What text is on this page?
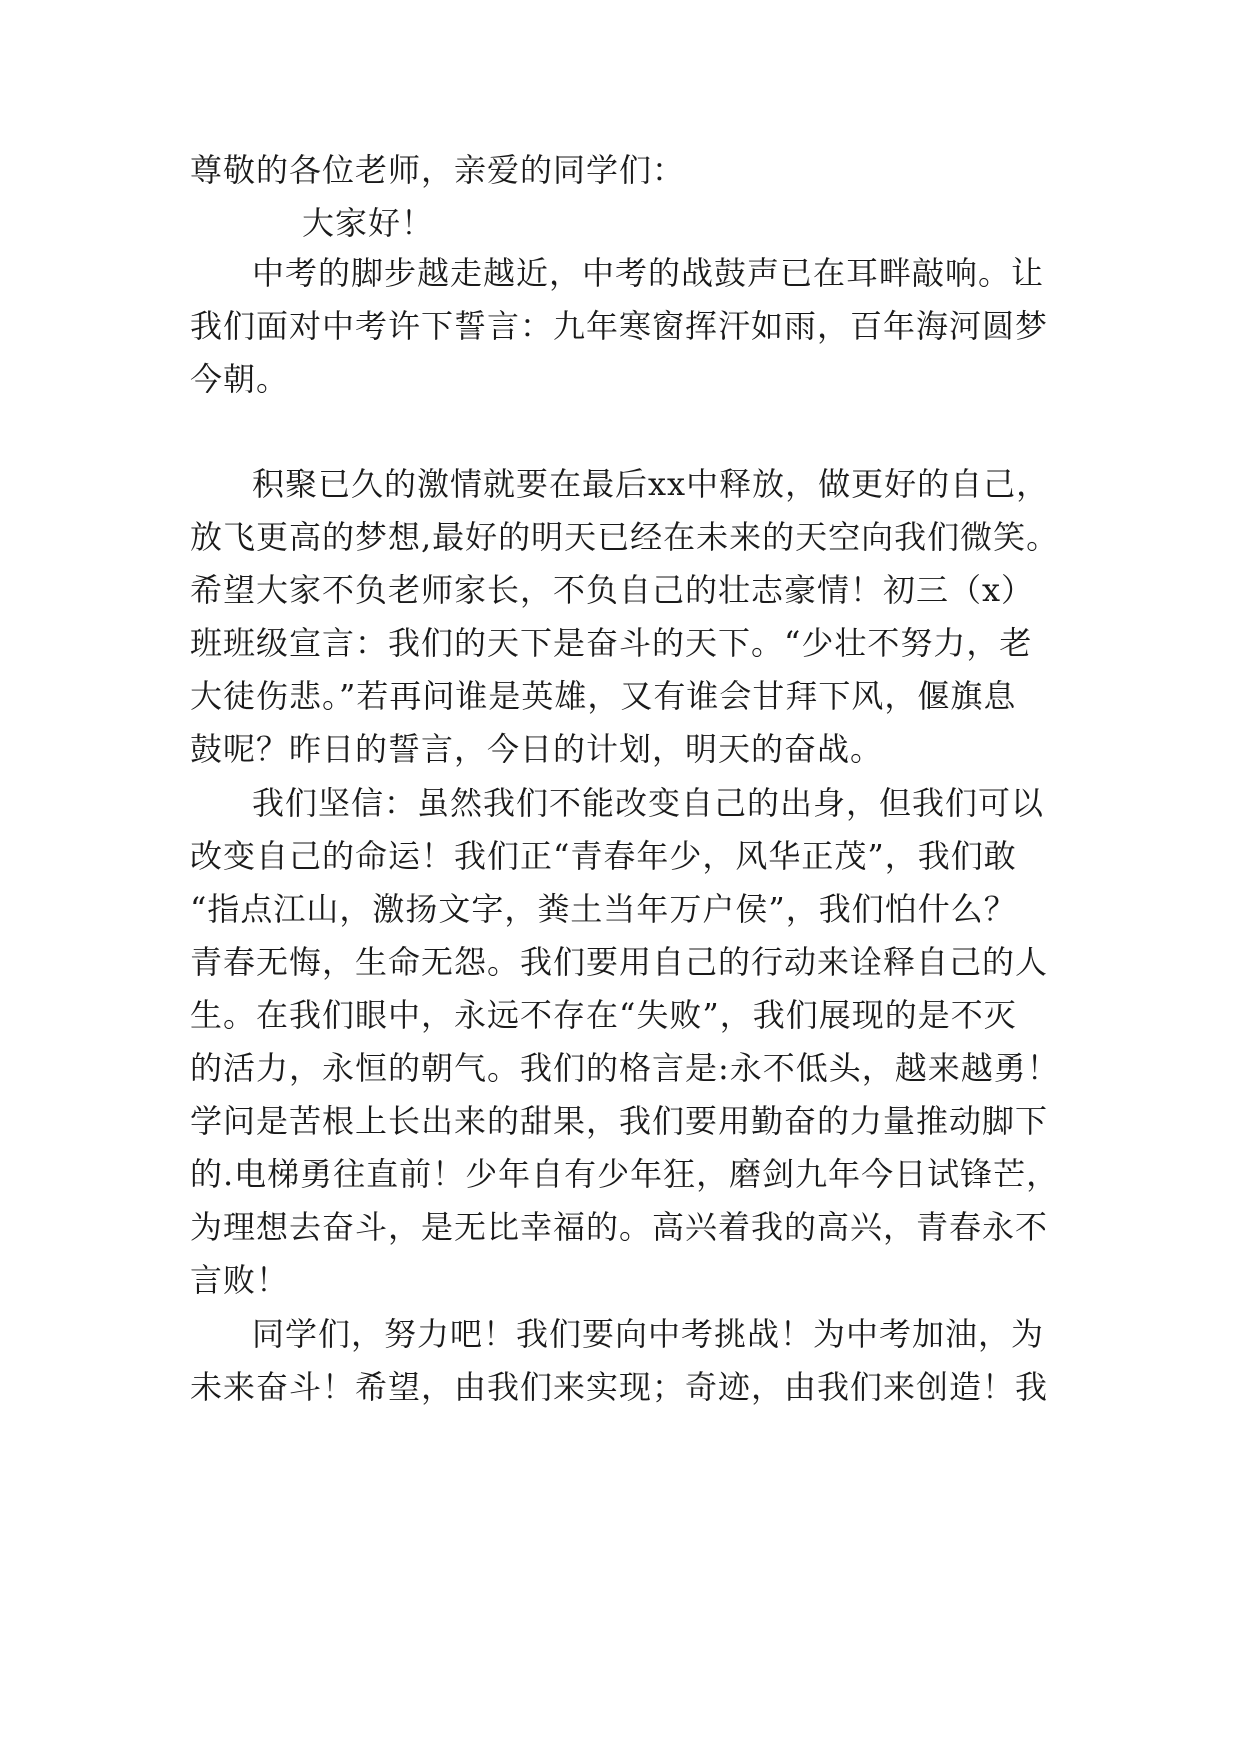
尊敬的各位老师，亲爱的同学们：
大家好！
中考的脚步越走越近，中考的战鼓声已在耳畔敲响。让
我们面对中考许下誓言：九年寒窗挥汗如雨，百年海河圆梦
今朝。
积聚已久的激情就要在最后xx中释放，做更好的自己，
放飞更高的梦想,最好的明天已经在未来的天空向我们微笑。
希望大家不负老师家长，不负自己的壮志豪情！初三（x）
班班级宣言：我们的天下是奋斗的天下。“少壮不努力，老
大徒伤悲。”若再问谁是英雄，又有谁会甘拜下风，偃旗息
鼓呢？昨日的誓言，今日的计划，明天的奋战。
我们坚信：虽然我们不能改变自己的出身，但我们可以
改变自己的命运！我们正“青春年少，风华正茂”，我们敢
“指点江山，激扬文字，粪土当年万户侯”，我们怕什么？
青春无悔，生命无怨。我们要用自己的行动来诠释自己的人
生。在我们眼中，永远不存在“失败”，我们展现的是不灭
的活力，永恒的朝气。我们的格言是:永不低头，越来越勇！
学问是苦根上长出来的甜果，我们要用勤奋的力量推动脚下
的.电梯勇往直前！少年自有少年狂，磨剑九年今日试锋芒，
为理想去奋斗，是无比幸福的。高兴着我的高兴，青春永不
言败！
同学们，努力吧！我们要向中考挑战！为中考加油，为
未来奋斗！希望，由我们来实现；奇迹，由我们来创造！我
